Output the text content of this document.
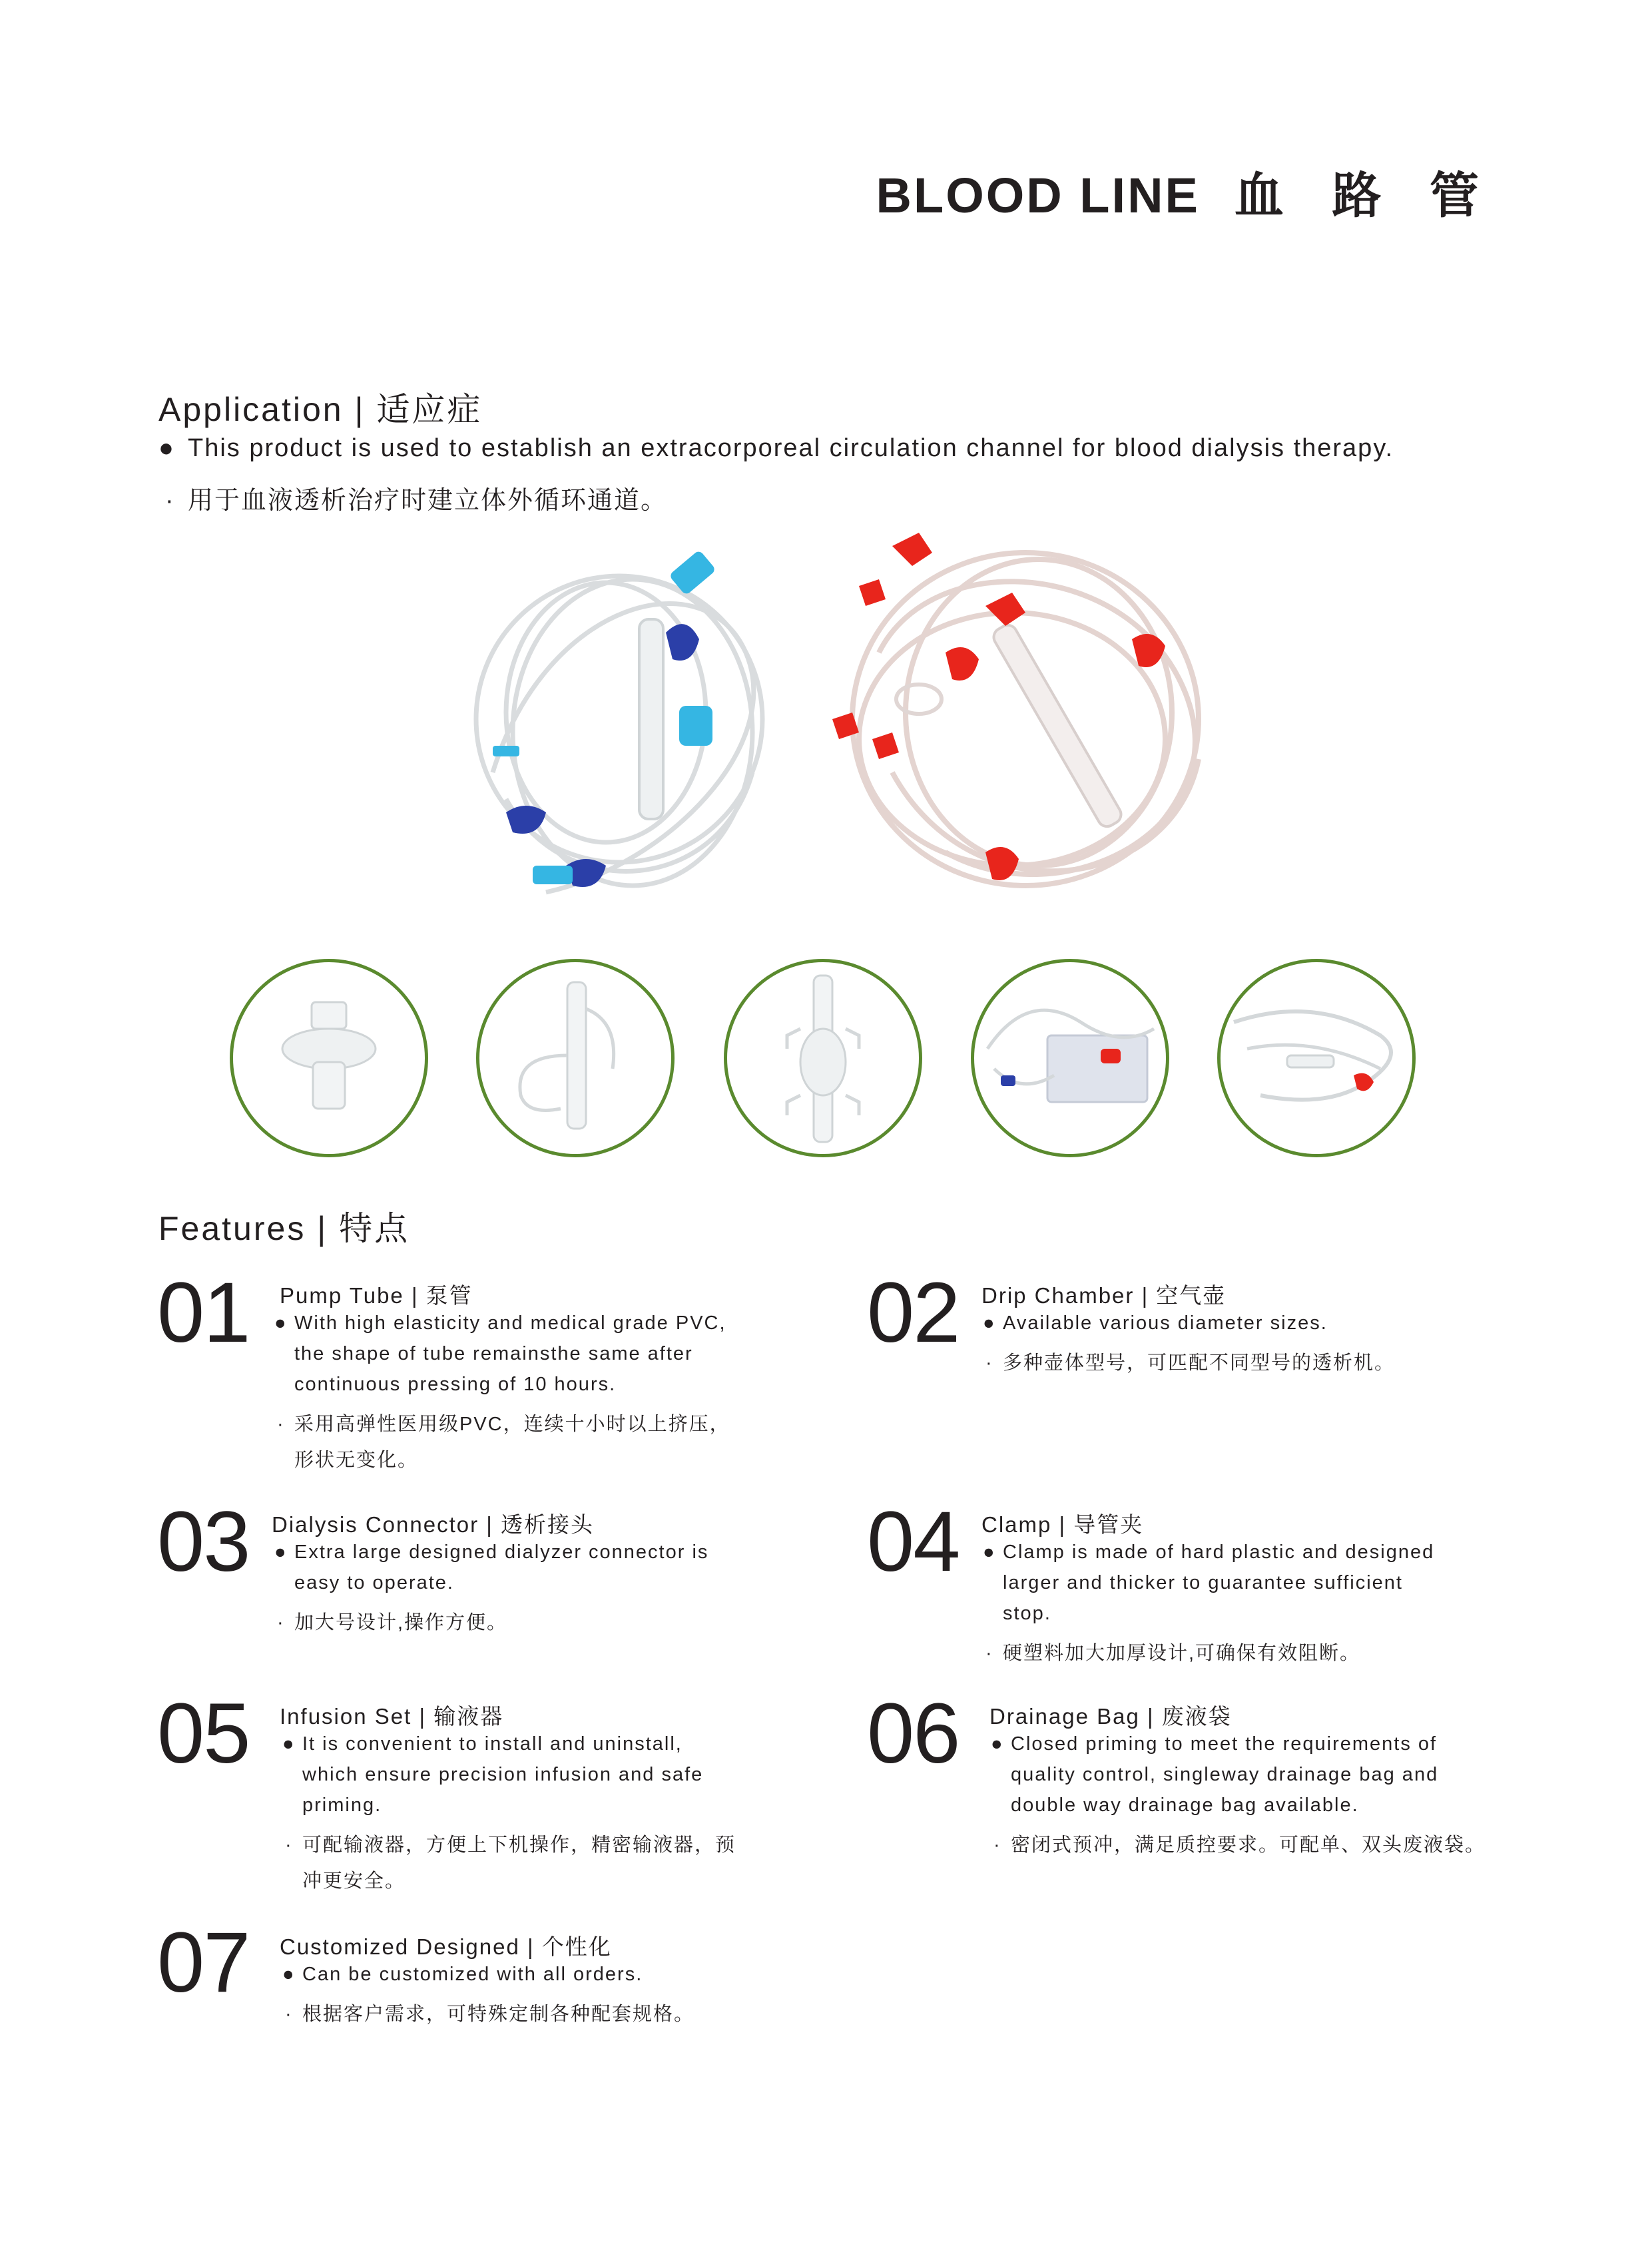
BLOOD LINE 血 路 管
Application | 适应症
● This product is used to establish an extracorporeal circulation channel for blood dialysis therapy.
· 用于血液透析治疗时建立体外循环通道。
Features | 特点
01 Pump Tube | 泵管
● With high elasticity and medical grade PVC,
the shape of tube remainsthe same after
continuous pressing of 10 hours.
· 采用高弹性医用级PVC，连续十小时以上挤压，
形状无变化。
02 Drip Chamber | 空气壶
● Available various diameter sizes.
· 多种壶体型号，可匹配不同型号的透析机。
03 Dialysis Connector | 透析接头
● Extra large designed dialyzer connector is
easy to operate.
· 加大号设计,操作方便。
04 Clamp | 导管夹
● Clamp is made of hard plastic and designed
larger and thicker to guarantee sufficient
stop.
· 硬塑料加大加厚设计,可确保有效阻断。
05 Infusion Set | 输液器
● It is convenient to install and uninstall,
which ensure precision infusion and safe
priming.
· 可配输液器，方便上下机操作，精密输液器，预
冲更安全。
06 Drainage Bag | 废液袋
● Closed priming to meet the requirements of
quality control, singleway drainage bag and
double way drainage bag available.
· 密闭式预冲，满足质控要求。可配单、双头废液袋。
07 Customized Designed | 个性化
● Can be customized with all orders.
· 根据客户需求，可特殊定制各种配套规格。
